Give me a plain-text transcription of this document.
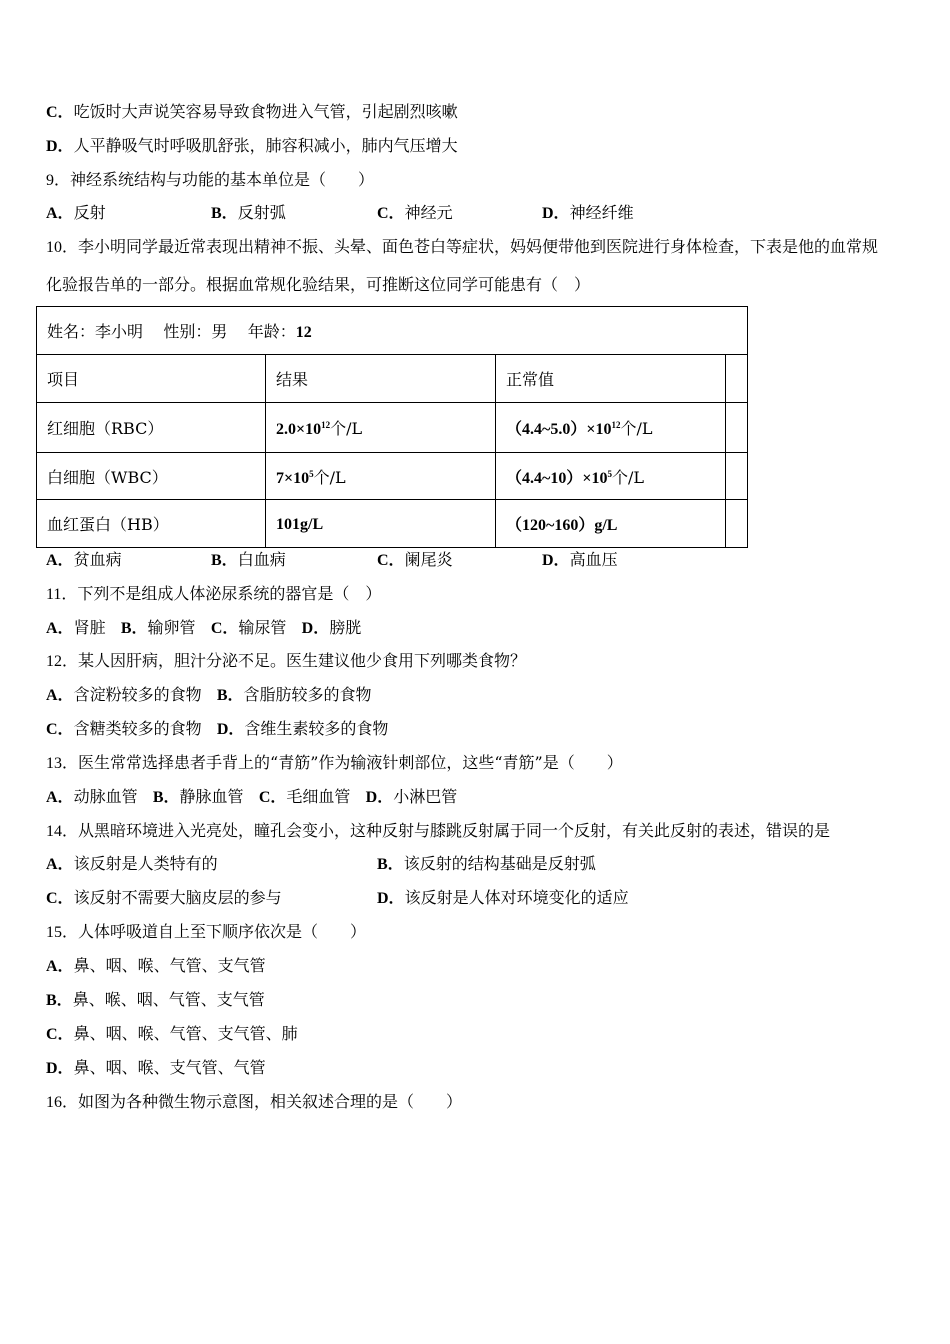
C．吃饭时大声说笑容易导致食物进入气管，引起剧烈咳嗽
D．人平静吸气时呼吸肌舒张，肺容积减小，肺内气压增大
9．神经系统结构与功能的基本单位是（　　）
A．反射	B．反射弧	C．神经元	D．神经纤维
10．李小明同学最近常表现出精神不振、头晕、面色苍白等症状，妈妈便带他到医院进行身体检查，下表是他的血常规
化验报告单的一部分。根据血常规化验结果，可推断这位同学可能患有（　）
姓名：李小明 性别：男 年龄：12			
项目	结果	正常值	
红细胞（RBC）	$2.0\times 10^{12}$个/L	$(4.4\sim 5.0)\times 10^{12}$个/L	
白细胞（WBC）	$7\times 10^5$个/L	$(4.4\sim 10)\times 10^5$个/L	
血红蛋白（HB）	101g/L	（120~160）g/L	
A．贫血病	B．白血病	C．阑尾炎	D．高血压
11．下列不是组成人体泌尿系统的器官是（　）
A．肾脏 B．输卵管 C．输尿管 D．膀胱
12．某人因肝病，胆汁分泌不足。医生建议他少食用下列哪类食物？
A．含淀粉较多的食物 B．含脂肪较多的食物
C．含糖类较多的食物 D．含维生素较多的食物
13．医生常常选择患者手背上的“青筋”作为输液针刺部位，这些“青筋”是（　　）
A．动脉血管 B．静脉血管 C．毛细血管 D．小淋巴管
14．从黑暗环境进入光亮处，瞳孔会变小，这种反射与膝跳反射属于同一个反射，有关此反射的表述，错误的是
A．该反射是人类特有的	B．该反射的结构基础是反射弧
C．该反射不需要大脑皮层的参与	D．该反射是人体对环境变化的适应
15．人体呼吸道自上至下顺序依次是（　　）
A．鼻、咽、喉、气管、支气管
B．鼻、喉、咽、气管、支气管
C．鼻、咽、喉、气管、支气管、肺
D．鼻、咽、喉、支气管、气管
16．如图为各种微生物示意图，相关叙述合理的是（　　）
